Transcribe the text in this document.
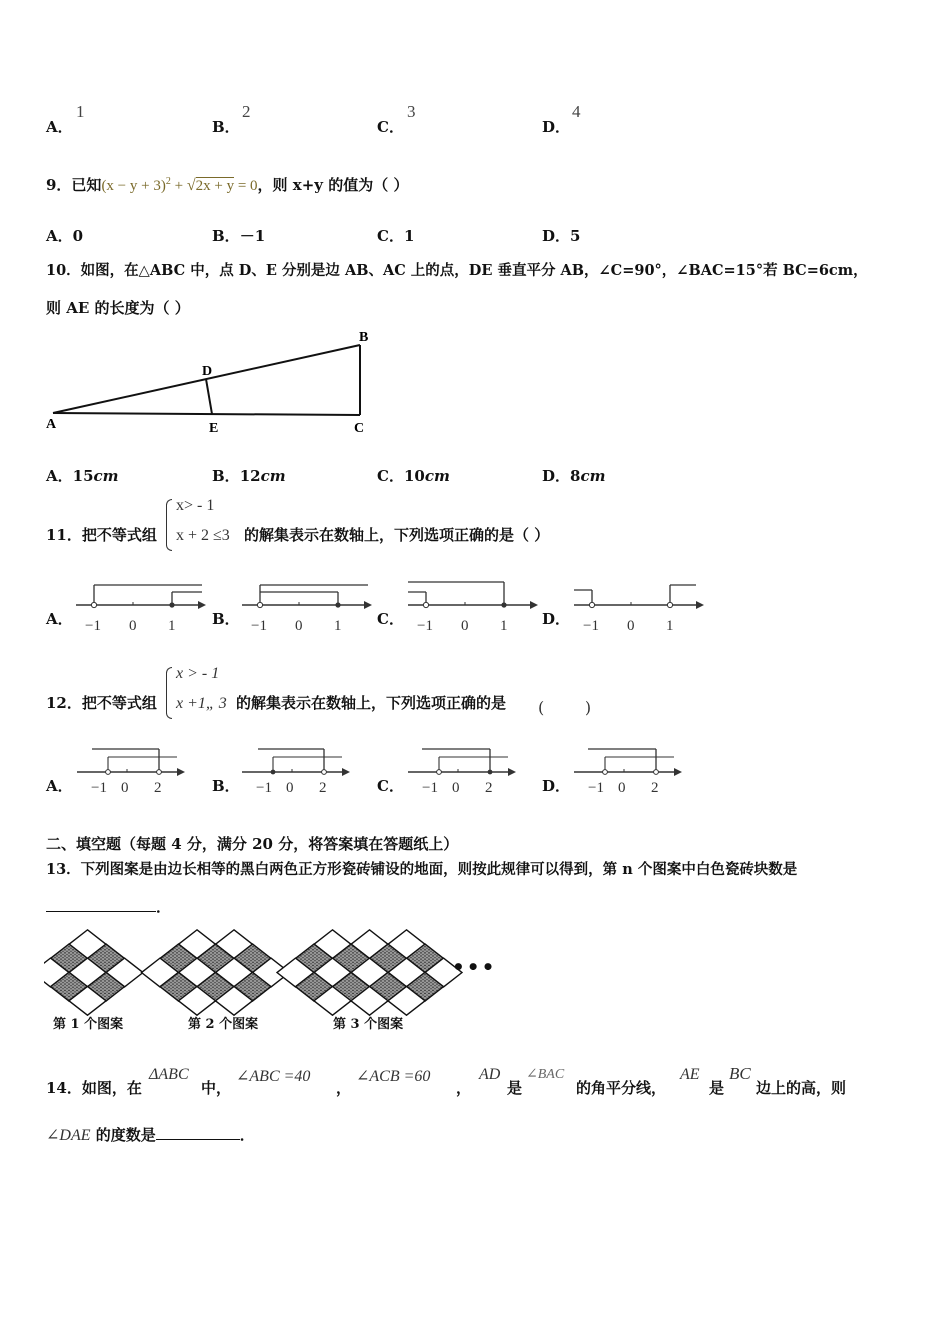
A．
1
B．
2
C．
3
D．
4
9．已知$(x - y + 3)^2 + √2x + y = 0$，则 x+y 的值为（ ）
A．0	B．－1	C．1	D．5
10．如图，在△ABC 中，点 D、E 分别是边 AB、AC 上的点，DE 垂直平分 AB，∠C=90°，∠BAC=15°若 BC=6cm，
则 AE 的长度为（ ）
A
B
C
D
E
A．15cm	B．12cm	C．10cm	D．8cm
11．把不等式组
x> - 1
x + 2 ≤3 的解集表示在数轴上，下列选项正确的是（ ）
A．	B．	C．	D．
−1 0 1	−1 0 1	−1 0 1	−1 0 1
12．把不等式组
x > - 1
x +1„ 3 的解集表示在数轴上，下列选项正确的是 (        )
A．	B．	C．	D．
−1 0 2	−1 0 2	−1 0 2	−1 0 2
二、填空题（每题 4 分，满分 20 分，将答案填在答题纸上）
13．下列图案是由边长相等的黑白两色正方形瓷砖铺设的地面，则按此规律可以得到，第 n 个图案中白色瓷砖块数是
．
•••
第 1 个图案	第 2 个图案	第 3 个图案
14．如图，在
ΔABC
中，
∠ABC =40
，
∠ACB =60
，
AD
是
∠BAC
的角平分线，
AE
是
BC
边上的高，则
∠DAE 的度数是	．
